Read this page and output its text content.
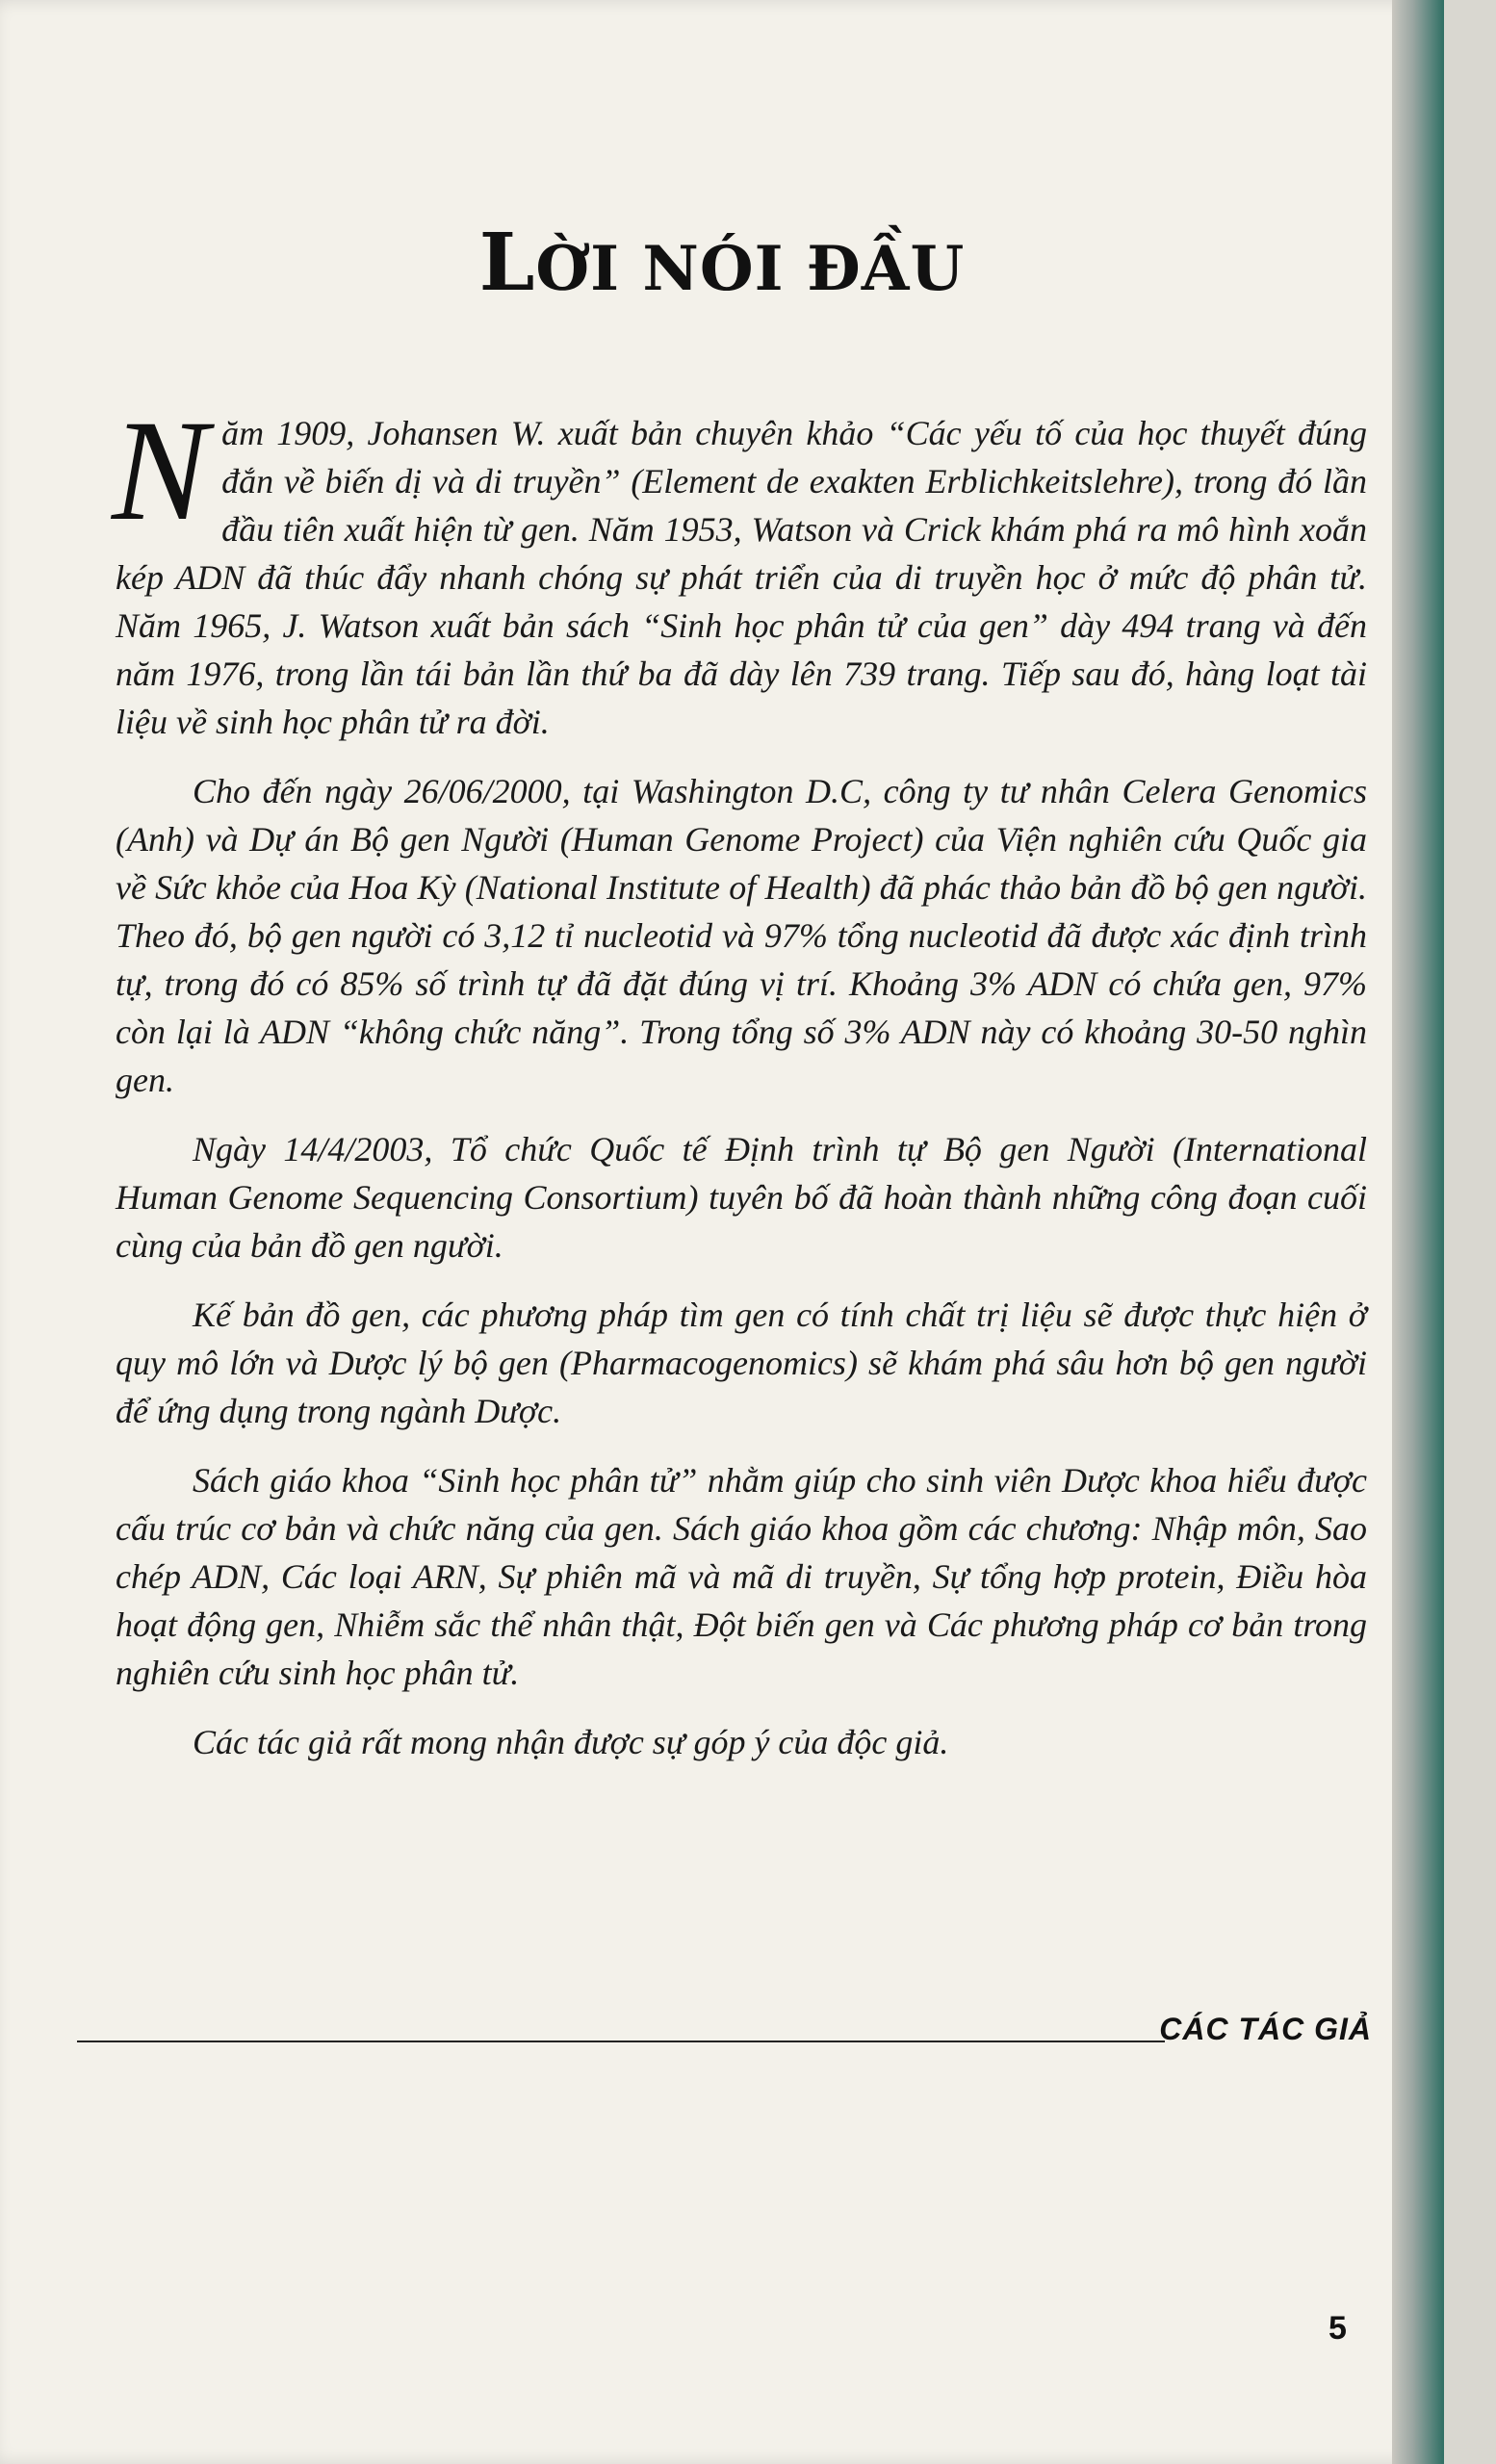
LỜI NÓI ĐẦU

Năm 1909, Johansen W. xuất bản chuyên khảo “Các yếu tố của học thuyết đúng đắn về biến dị và di truyền” (Element de exakten Erblichkeitslehre), trong đó lần đầu tiên xuất hiện từ gen. Năm 1953, Watson và Crick khám phá ra mô hình xoắn kép ADN đã thúc đẩy nhanh chóng sự phát triển của di truyền học ở mức độ phân tử. Năm 1965, J. Watson xuất bản sách “Sinh học phân tử của gen” dày 494 trang và đến năm 1976, trong lần tái bản lần thứ ba đã dày lên 739 trang. Tiếp sau đó, hàng loạt tài liệu về sinh học phân tử ra đời.

Cho đến ngày 26/06/2000, tại Washington D.C, công ty tư nhân Celera Genomics (Anh) và Dự án Bộ gen Người (Human Genome Project) của Viện nghiên cứu Quốc gia về Sức khỏe của Hoa Kỳ (National Institute of Health) đã phác thảo bản đồ bộ gen người. Theo đó, bộ gen người có 3,12 tỉ nucleotid và 97% tổng nucleotid đã được xác định trình tự, trong đó có 85% số trình tự đã đặt đúng vị trí. Khoảng 3% ADN có chứa gen, 97% còn lại là ADN “không chức năng”. Trong tổng số 3% ADN này có khoảng 30-50 nghìn gen.

Ngày 14/4/2003, Tổ chức Quốc tế Định trình tự Bộ gen Người (International Human Genome Sequencing Consortium) tuyên bố đã hoàn thành những công đoạn cuối cùng của bản đồ gen người.

Kế bản đồ gen, các phương pháp tìm gen có tính chất trị liệu sẽ được thực hiện ở quy mô lớn và Dược lý bộ gen (Pharmacogenomics) sẽ khám phá sâu hơn bộ gen người để ứng dụng trong ngành Dược.

Sách giáo khoa “Sinh học phân tử” nhằm giúp cho sinh viên Dược khoa hiểu được cấu trúc cơ bản và chức năng của gen. Sách giáo khoa gồm các chương: Nhập môn, Sao chép ADN, Các loại ARN, Sự phiên mã và mã di truyền, Sự tổng hợp protein, Điều hòa hoạt động gen, Nhiễm sắc thể nhân thật, Đột biến gen và Các phương pháp cơ bản trong nghiên cứu sinh học phân tử.

Các tác giả rất mong nhận được sự góp ý của độc giả.

CÁC TÁC GIẢ
5
